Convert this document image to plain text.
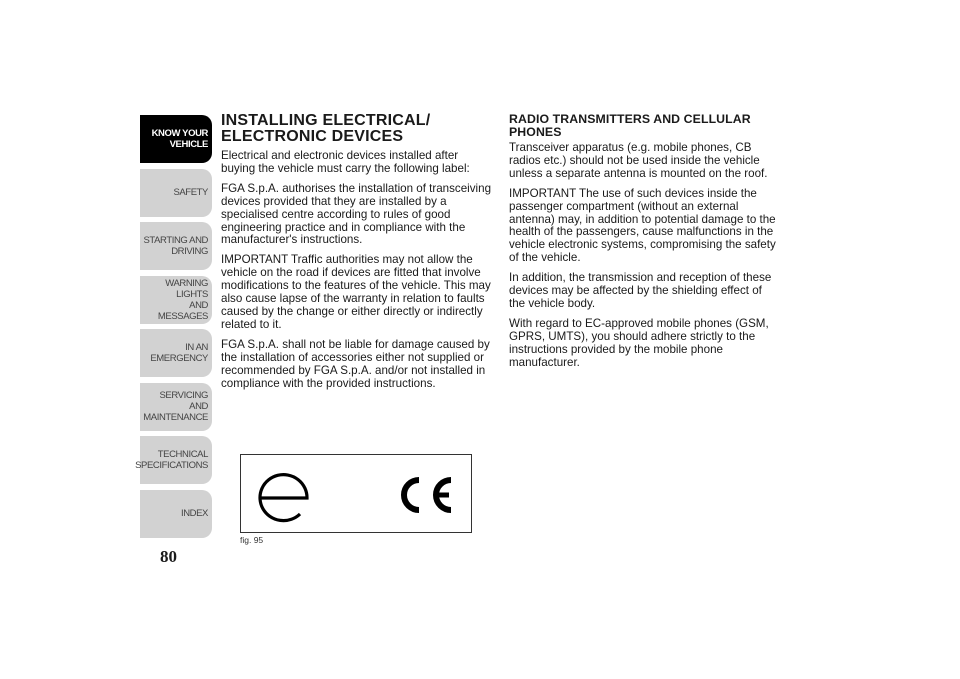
KNOW YOUR
VEHICLE
SAFETY
STARTING AND
DRIVING
WARNING LIGHTS
AND MESSAGES
IN AN EMERGENCY
SERVICING AND
MAINTENANCE
TECHNICAL
SPECIFICATIONS
INDEX
80
INSTALLING ELECTRICAL/
ELECTRONIC DEVICES

Electrical and electronic devices installed after buying the vehicle must carry the following label:

FGA S.p.A. authorises the installation of transceiving devices provided that they are installed by a specialised centre according to rules of good engineering practice and in compliance with the manufacturer's instructions.

IMPORTANT Traffic authorities may not allow the vehicle on the road if devices are fitted that involve modifications to the features of the vehicle. This may also cause lapse of the warranty in relation to faults caused by the change or either directly or indirectly related to it.

FGA S.p.A. shall not be liable for damage caused by the installation of accessories either not supplied or recommended by FGA S.p.A. and/or not installed in compliance with the provided instructions.

RADIO TRANSMITTERS AND CELLULAR
PHONES

Transceiver apparatus (e.g. mobile phones, CB radios etc.) should not be used inside the vehicle unless a separate antenna is mounted on the roof.

IMPORTANT The use of such devices inside the passenger compartment (without an external antenna) may, in addition to potential damage to the health of the passengers, cause malfunctions in the vehicle electronic systems, compromising the safety of the vehicle.

In addition, the transmission and reception of these devices may be affected by the shielding effect of the vehicle body.

With regard to EC-approved mobile phones (GSM, GPRS, UMTS), you should adhere strictly to the instructions provided by the mobile phone manufacturer.

fig. 95
